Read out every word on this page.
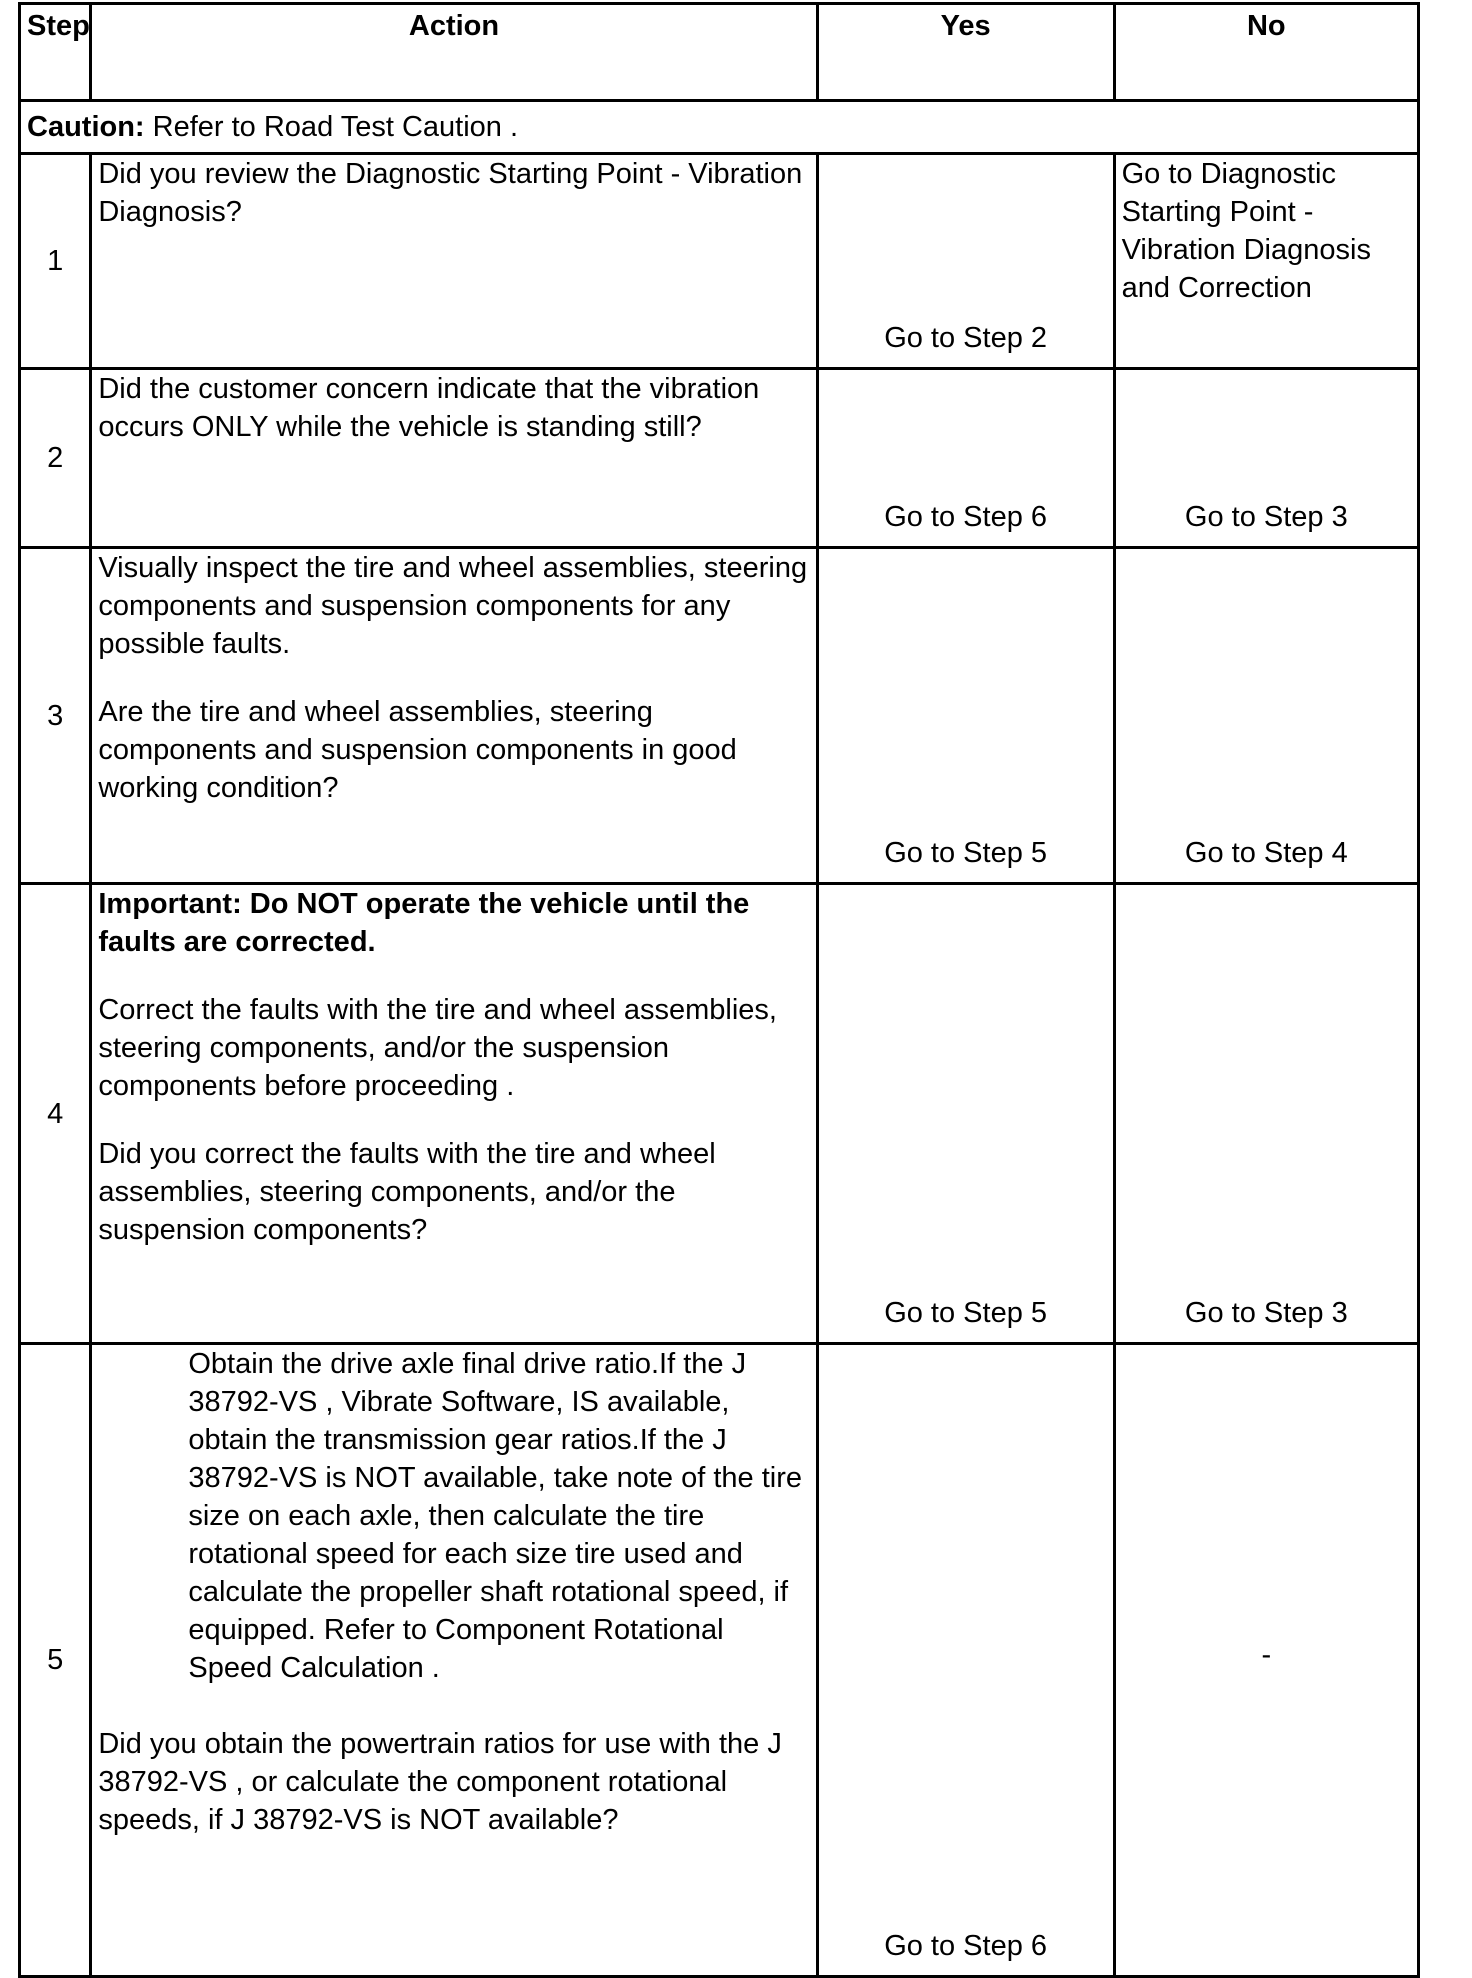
Step	Action	Yes	No
Caution: Refer to Road Test Caution .			
1	Did you review the Diagnostic Starting Point - Vibration Diagnosis?	Go to Step 2	Go to Diagnostic Starting Point - Vibration Diagnosis and Correction
2	Did the customer concern indicate that the vibration occurs ONLY while the vehicle is standing still?	Go to Step 6	Go to Step 3
3	Visually inspect the tire and wheel assemblies, steering components and suspension components for any possible faults.

Are the tire and wheel assemblies, steering components and suspension components in good working condition?	Go to Step 5	Go to Step 4
4	Important: Do NOT operate the vehicle until the faults are corrected.

Correct the faults with the tire and wheel assemblies, steering components, and/or the suspension components before proceeding .

Did you correct the faults with the tire and wheel assemblies, steering components, and/or the suspension components?	Go to Step 5	Go to Step 3
5	Obtain the drive axle final drive ratio.If the J 38792-VS , Vibrate Software, IS available, obtain the transmission gear ratios.If the J 38792-VS is NOT available, take note of the tire size on each axle, then calculate the tire rotational speed for each size tire used and calculate the propeller shaft rotational speed, if equipped. Refer to Component Rotational Speed Calculation .

Did you obtain the powertrain ratios for use with the J 38792-VS , or calculate the component rotational speeds, if J 38792-VS is NOT available?	Go to Step 6	-
